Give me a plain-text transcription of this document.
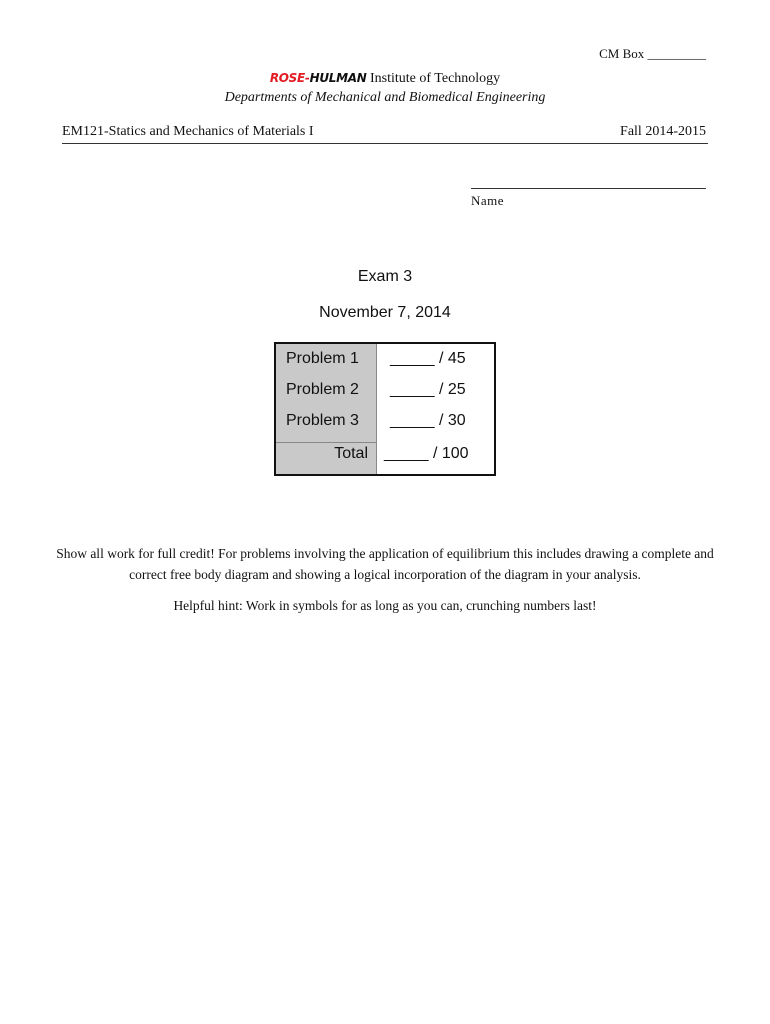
CM Box _________
ROSE-HULMAN Institute of Technology
Departments of Mechanical and Biomedical Engineering
EM121-Statics and Mechanics of Materials I	Fall 2014-2015
Name
Exam 3
November 7, 2014
Problem 1 _____ / 45
Problem 2 _____ / 25
Problem 3 _____ / 30
Total _____ / 100
Show all work for full credit! For problems involving the application of equilibrium this includes drawing a complete and correct free body diagram and showing a logical incorporation of the diagram in your analysis.
Helpful hint: Work in symbols for as long as you can, crunching numbers last!
